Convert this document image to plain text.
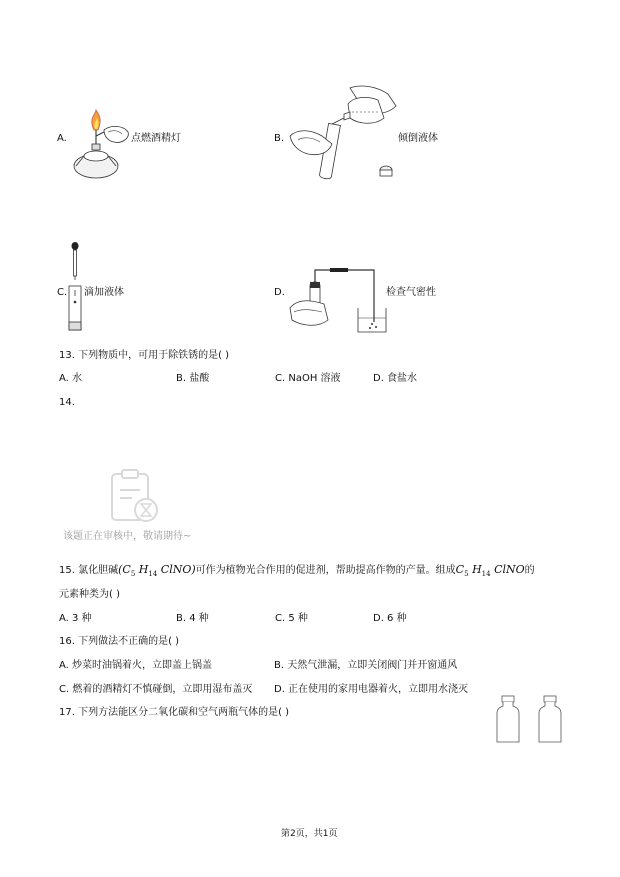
A.	点燃酒精灯	B.	倾倒液体
C. 滴加液体	D.	检查气密性
13. 下列物质中，可用于除铁锈的是( )
A. 水	B. 盐酸	C. NaOH 溶液	D. 食盐水
14.
该题正在审核中，敬请期待~
15. 氯化胆碱 ($C_5$ $H_{14}$ ClNO) 可作为植物光合作用的促进剂，帮助提高作物的产量。组成 $C_5$ $H_{14}$ ClNO 的
元素种类为( )
A. 3 种	B. 4 种	C. 5 种	D. 6 种
16. 下列做法不正确的是( )
A. 炒菜时油锅着火，立即盖上锅盖	B. 天然气泄漏，立即关闭阀门并开窗通风
C. 燃着的酒精灯不慎碰倒，立即用湿布盖灭 D. 正在使用的家用电器着火，立即用水浇灭
17. 下列方法能区分二氧化碳和空气两瓶气体的是( )
第2页，共1页
